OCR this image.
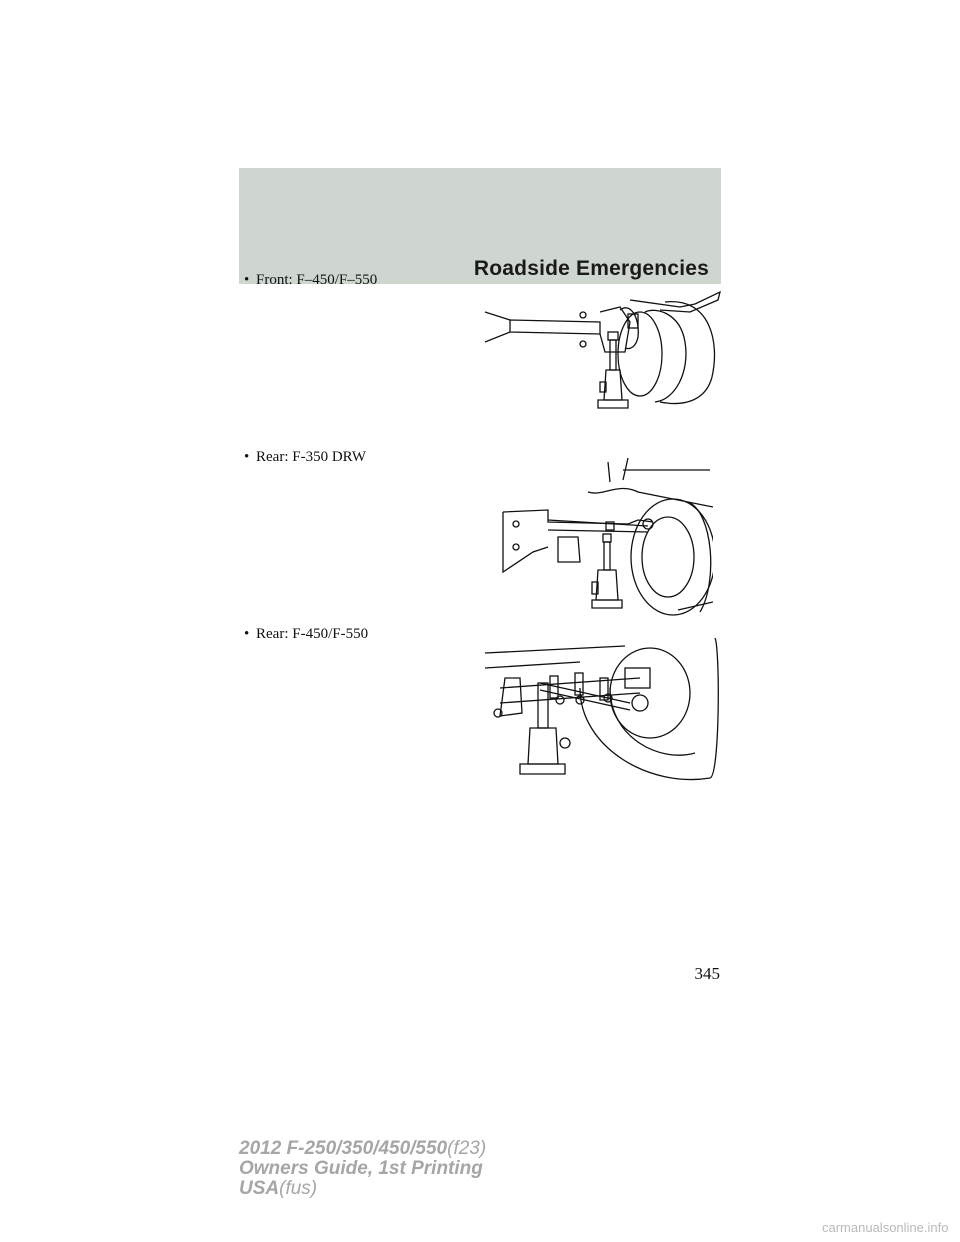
Roadside Emergencies
• Front: F–450/F–550
• Rear: F-350 DRW
• Rear: F-450/F-550
345
2012 F-250/350/450/550(f23)
Owners Guide, 1st Printing
USA(fus)
carmanualsonline.info
